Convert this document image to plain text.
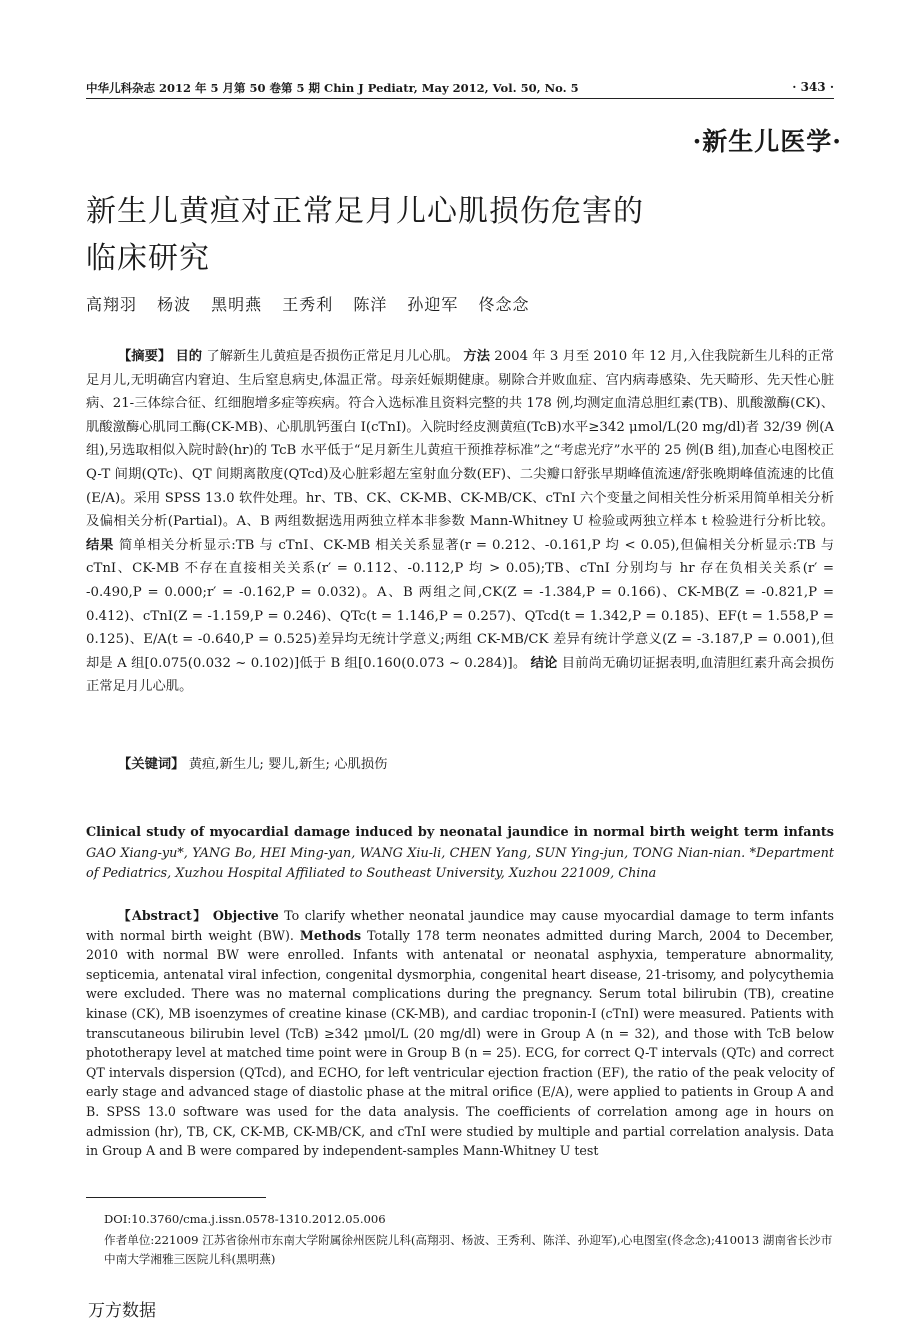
中华儿科杂志 2012 年 5 月第 50 卷第 5 期 Chin J Pediatr, May 2012, Vol. 50, No. 5	· 343 ·
·新生儿医学·
新生儿黄疸对正常足月儿心肌损伤危害的临床研究
高翔羽 杨波 黑明燕 王秀利 陈洋 孙迎军 佟念念
【摘要】 目的 了解新生儿黄疸是否损伤正常足月儿心肌。 方法 2004 年 3 月至 2010 年 12 月,入住我院新生儿科的正常足月儿,无明确宫内窘迫、生后窒息病史,体温正常。母亲妊娠期健康。剔除合并败血症、宫内病毒感染、先天畸形、先天性心脏病、21-三体综合征、红细胞增多症等疾病。符合入选标准且资料完整的共 178 例,均测定血清总胆红素(TB)、肌酸激酶(CK)、肌酸激酶心肌同工酶(CK-MB)、心肌肌钙蛋白 I(cTnI)。入院时经皮测黄疸(TcB)水平≥342 μmol/L(20 mg/dl)者 32/39 例(A 组),另选取相似入院时龄(hr)的 TcB 水平低于“足月新生儿黄疸干预推荐标准”之“考虑光疗”水平的 25 例(B 组),加查心电图校正 Q-T 间期(QTc)、QT 间期离散度(QTcd)及心脏彩超左室射血分数(EF)、二尖瓣口舒张早期峰值流速/舒张晚期峰值流速的比值(E/A)。采用 SPSS 13.0 软件处理。hr、TB、CK、CK-MB、CK-MB/CK、cTnI 六个变量之间相关性分析采用简单相关分析及偏相关分析(Partial)。A、B 两组数据选用两独立样本非参数 Mann-Whitney U 检验或两独立样本 t 检验进行分析比较。 结果 简单相关分析显示:TB 与 cTnI、CK-MB 相关关系显著(r = 0.212、-0.161,P 均 < 0.05),但偏相关分析显示:TB 与 cTnI、CK-MB 不存在直接相关关系(r′ = 0.112、-0.112,P 均 > 0.05);TB、cTnI 分别均与 hr 存在负相关关系(r′ = -0.490,P = 0.000;r′ = -0.162,P = 0.032)。A、B 两组之间,CK(Z = -1.384,P = 0.166)、CK-MB(Z = -0.821,P = 0.412)、cTnI(Z = -1.159,P = 0.246)、QTc(t = 1.146,P = 0.257)、QTcd(t = 1.342,P = 0.185)、EF(t = 1.558,P = 0.125)、E/A(t = -0.640,P = 0.525)差异均无统计学意义;两组 CK-MB/CK 差异有统计学意义(Z = -3.187,P = 0.001),但却是 A 组[0.075(0.032 ~ 0.102)]低于 B 组[0.160(0.073 ~ 0.284)]。 结论 目前尚无确切证据表明,血清胆红素升高会损伤正常足月儿心肌。
【关键词】 黄疸,新生儿; 婴儿,新生; 心肌损伤
Clinical study of myocardial damage induced by neonatal jaundice in normal birth weight term infants GAO Xiang-yu*, YANG Bo, HEI Ming-yan, WANG Xiu-li, CHEN Yang, SUN Ying-jun, TONG Nian-nian. *Department of Pediatrics, Xuzhou Hospital Affiliated to Southeast University, Xuzhou 221009, China
【Abstract】 Objective To clarify whether neonatal jaundice may cause myocardial damage to term infants with normal birth weight (BW). Methods Totally 178 term neonates admitted during March, 2004 to December, 2010 with normal BW were enrolled. Infants with antenatal or neonatal asphyxia, temperature abnormality, septicemia, antenatal viral infection, congenital dysmorphia, congenital heart disease, 21-trisomy, and polycythemia were excluded. There was no maternal complications during the pregnancy. Serum total bilirubin (TB), creatine kinase (CK), MB isoenzymes of creatine kinase (CK-MB), and cardiac troponin-I (cTnI) were measured. Patients with transcutaneous bilirubin level (TcB) ≥342 μmol/L (20 mg/dl) were in Group A (n = 32), and those with TcB below phototherapy level at matched time point were in Group B (n = 25). ECG, for correct Q-T intervals (QTc) and correct QT intervals dispersion (QTcd), and ECHO, for left ventricular ejection fraction (EF), the ratio of the peak velocity of early stage and advanced stage of diastolic phase at the mitral orifice (E/A), were applied to patients in Group A and B. SPSS 13.0 software was used for the data analysis. The coefficients of correlation among age in hours on admission (hr), TB, CK, CK-MB, CK-MB/CK, and cTnI were studied by multiple and partial correlation analysis. Data in Group A and B were compared by independent-samples Mann-Whitney U test
DOI:10.3760/cma.j.issn.0578-1310.2012.05.006
作者单位:221009 江苏省徐州市东南大学附属徐州医院儿科(高翔羽、杨波、王秀利、陈洋、孙迎军),心电图室(佟念念);410013 湖南省长沙市中南大学湘雅三医院儿科(黑明燕)
万方数据
